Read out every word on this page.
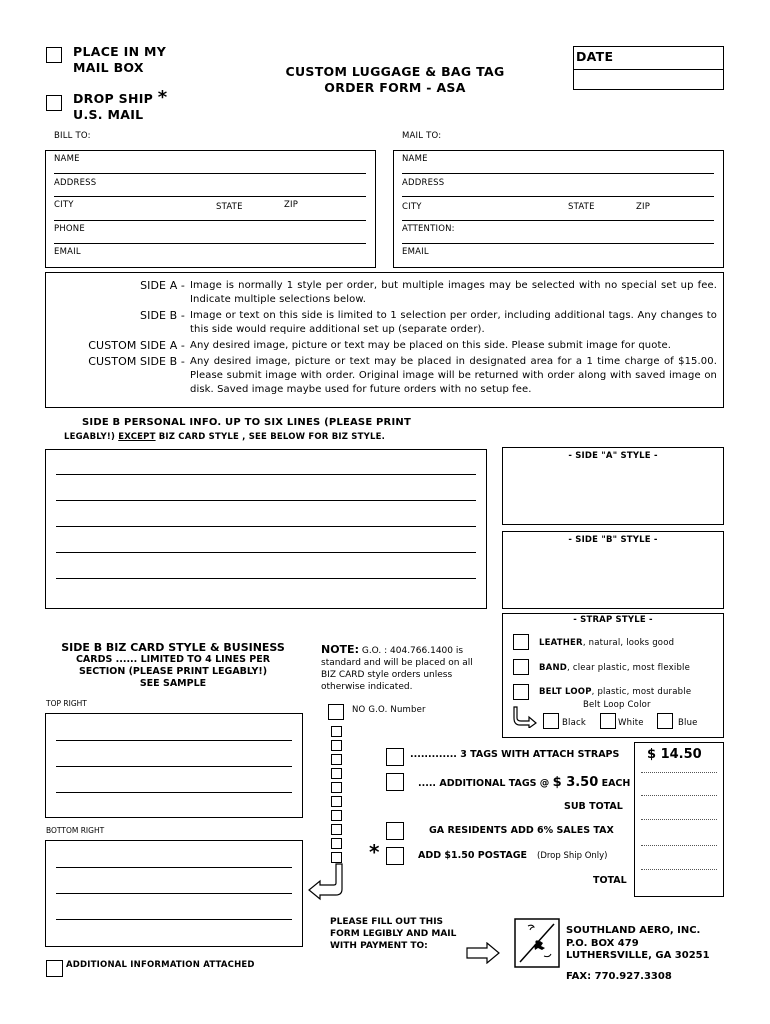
PLACE IN MY
MAIL BOX
DROP SHIP *
U.S. MAIL
CUSTOM LUGGAGE & BAG TAG
ORDER FORM - ASA
DATE
BILL TO:	MAIL TO:
NAME
ADDRESS
CITY	STATE	ZIP
PHONE
EMAIL
NAME
ADDRESS
CITY	STATE	ZIP
ATTENTION:
EMAIL
SIDE A -	Image is normally 1 style per order, but multiple images may be selected with no special set up fee. Indicate multiple selections below.
SIDE B -	Image or text on this side is limited to 1 selection per order, including additional tags. Any changes to this side would require additional set up (separate order).
CUSTOM SIDE A -	Any desired image, picture or text may be placed on this side. Please submit image for quote.
CUSTOM SIDE B -	Any desired image, picture or text may be placed in designated area for a 1 time charge of $15.00. Please submit image with order. Original image will be returned with order along with saved image on disk. Saved image maybe used for future orders with no setup fee.
SIDE B PERSONAL INFO. UP TO SIX LINES (PLEASE PRINT
LEGABLY!) EXCEPT BIZ CARD STYLE , SEE BELOW FOR BIZ STYLE.
- SIDE "A" STYLE -
- SIDE "B" STYLE -
- STRAP STYLE -
LEATHER, natural, looks good
BAND, clear plastic, most flexible
BELT LOOP, plastic, most durable
Belt Loop Color
Black	White	Blue
SIDE B BIZ CARD STYLE & BUSINESS
CARDS ...... LIMITED TO 4 LINES PER
SECTION (PLEASE PRINT LEGABLY!)
SEE SAMPLE
TOP RIGHT
BOTTOM RIGHT
NOTE: G.O. : 404.766.1400 is
standard and will be placed on all
BIZ CARD style orders unless
otherwise indicated.
NO G.O. Number
............. 3 TAGS WITH ATTACH STRAPS
..... ADDITIONAL TAGS @ $ 3.50 EACH
SUB TOTAL
GA RESIDENTS ADD 6% SALES TAX
*	ADD $1.50 POSTAGE (Drop Ship Only)
TOTAL
$ 14.50
ADDITIONAL INFORMATION ATTACHED
PLEASE FILL OUT THIS
FORM LEGIBLY AND MAIL
WITH PAYMENT TO:
SOUTHLAND AERO, INC.
P.O. BOX 479
LUTHERSVILLE, GA 30251
FAX: 770.927.3308
